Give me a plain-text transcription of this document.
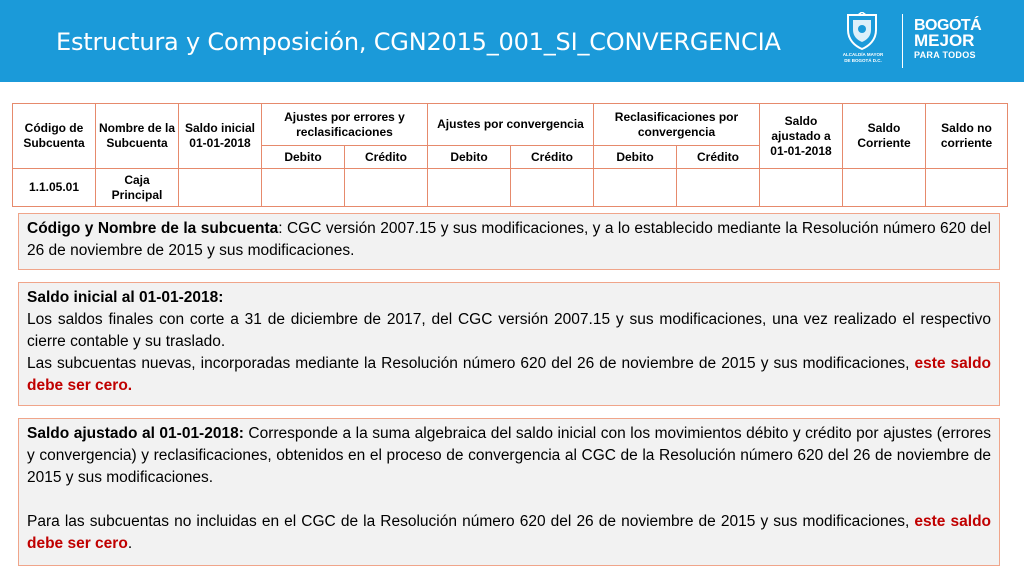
Estructura y Composición, CGN2015_001_SI_CONVERGENCIA	ALCALDÍA MAYOR
DE BOGOTÁ D.C.
BOGOTÁ
MEJOR
PARA TODOS
Código de Subcuenta	Nombre de la Subcuenta	Saldo inicial 01-01-2018	Ajustes por errores y reclasificaciones		Ajustes por convergencia		Reclasificaciones por convergencia		Saldo ajustado a 01-01-2018	Saldo Corriente	Saldo no corriente
			Debito	Crédito	Debito	Crédito	Debito	Crédito			
1.1.05.01	Caja Principal										

Código y Nombre de la subcuenta: CGC versión 2007.15 y sus modificaciones, y a lo establecido mediante la Resolución número 620 del 26 de noviembre de 2015 y sus modificaciones.

Saldo inicial al 01-01-2018:

Los saldos finales con corte a 31 de diciembre de 2017, del CGC versión 2007.15 y sus modificaciones, una vez realizado el respectivo cierre contable y su traslado.

Las subcuentas nuevas, incorporadas mediante la Resolución número 620 del 26 de noviembre de 2015 y sus modificaciones, este saldo debe ser cero.

Saldo ajustado al 01-01-2018: Corresponde a la suma algebraica del saldo inicial con los movimientos débito y crédito por ajustes (errores y convergencia) y reclasificaciones, obtenidos en el proceso de convergencia al CGC de la Resolución número 620 del 26 de noviembre de 2015 y sus modificaciones.

Para las subcuentas no incluidas en el CGC de la Resolución número 620 del 26 de noviembre de 2015 y sus modificaciones, este saldo debe ser cero.
